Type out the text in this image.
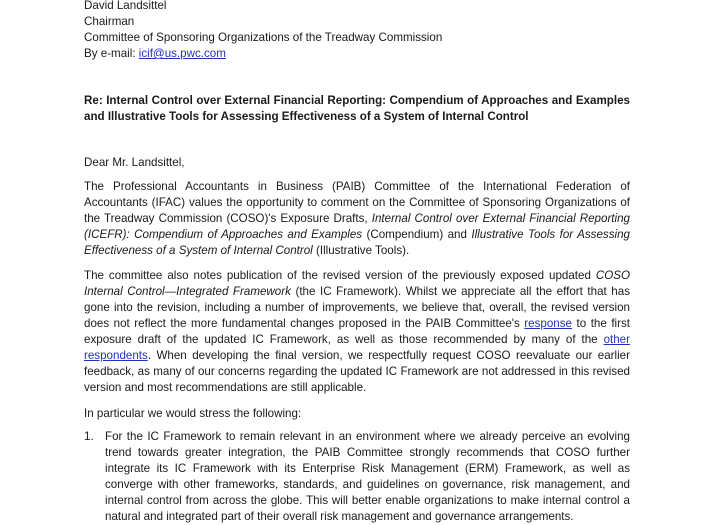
David Landsittel
Chairman
Committee of Sponsoring Organizations of the Treadway Commission
By e-mail: icif@us.pwc.com
Re: Internal Control over External Financial Reporting: Compendium of Approaches and Examples and Illustrative Tools for Assessing Effectiveness of a System of Internal Control
Dear Mr. Landsittel,
The Professional Accountants in Business (PAIB) Committee of the International Federation of Accountants (IFAC) values the opportunity to comment on the Committee of Sponsoring Organizations of the Treadway Commission (COSO)'s Exposure Drafts, Internal Control over External Financial Reporting (ICEFR): Compendium of Approaches and Examples (Compendium) and Illustrative Tools for Assessing Effectiveness of a System of Internal Control (Illustrative Tools).
The committee also notes publication of the revised version of the previously exposed updated COSO Internal Control—Integrated Framework (the IC Framework). Whilst we appreciate all the effort that has gone into the revision, including a number of improvements, we believe that, overall, the revised version does not reflect the more fundamental changes proposed in the PAIB Committee's response to the first exposure draft of the updated IC Framework, as well as those recommended by many of the other respondents. When developing the final version, we respectfully request COSO reevaluate our earlier feedback, as many of our concerns regarding the updated IC Framework are not addressed in this revised version and most recommendations are still applicable.
In particular we would stress the following:
1. For the IC Framework to remain relevant in an environment where we already perceive an evolving trend towards greater integration, the PAIB Committee strongly recommends that COSO further integrate its IC Framework with its Enterprise Risk Management (ERM) Framework, as well as converge with other frameworks, standards, and guidelines on governance, risk management, and internal control from across the globe. This will better enable organizations to make internal control a natural and integrated part of their overall risk management and governance arrangements.
